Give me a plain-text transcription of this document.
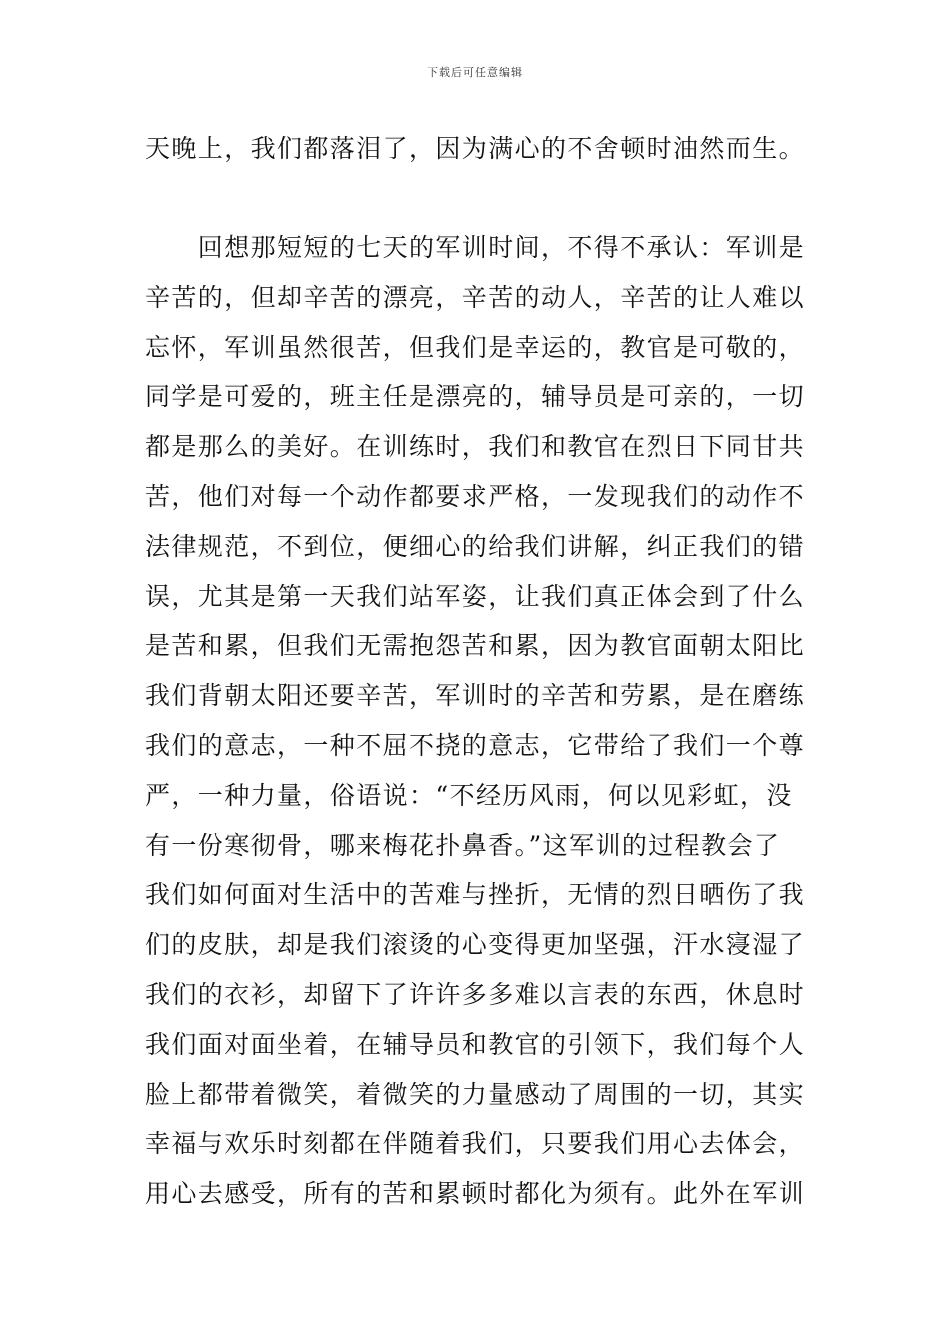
下载后可任意编辑
天晚上，我们都落泪了，因为满心的不舍顿时油然而生。
　　回想那短短的七天的军训时间，不得不承认：军训是
辛苦的，但却辛苦的漂亮，辛苦的动人，辛苦的让人难以
忘怀，军训虽然很苦，但我们是幸运的，教官是可敬的，
同学是可爱的，班主任是漂亮的，辅导员是可亲的，一切
都是那么的美好。在训练时，我们和教官在烈日下同甘共
苦，他们对每一个动作都要求严格，一发现我们的动作不
法律规范，不到位，便细心的给我们讲解，纠正我们的错
误，尤其是第一天我们站军姿，让我们真正体会到了什么
是苦和累，但我们无需抱怨苦和累，因为教官面朝太阳比
我们背朝太阳还要辛苦，军训时的辛苦和劳累，是在磨练
我们的意志，一种不屈不挠的意志，它带给了我们一个尊
严，一种力量，俗语说：“不经历风雨，何以见彩虹，没
有一份寒彻骨，哪来梅花扑鼻香。”这军训的过程教会了
我们如何面对生活中的苦难与挫折，无情的烈日晒伤了我
们的皮肤，却是我们滚烫的心变得更加坚强，汗水寖湿了
我们的衣衫，却留下了许许多多难以言表的东西，休息时
我们面对面坐着，在辅导员和教官的引领下，我们每个人
脸上都带着微笑，着微笑的力量感动了周围的一切，其实
幸福与欢乐时刻都在伴随着我们，只要我们用心去体会，
用心去感受，所有的苦和累顿时都化为须有。此外在军训
